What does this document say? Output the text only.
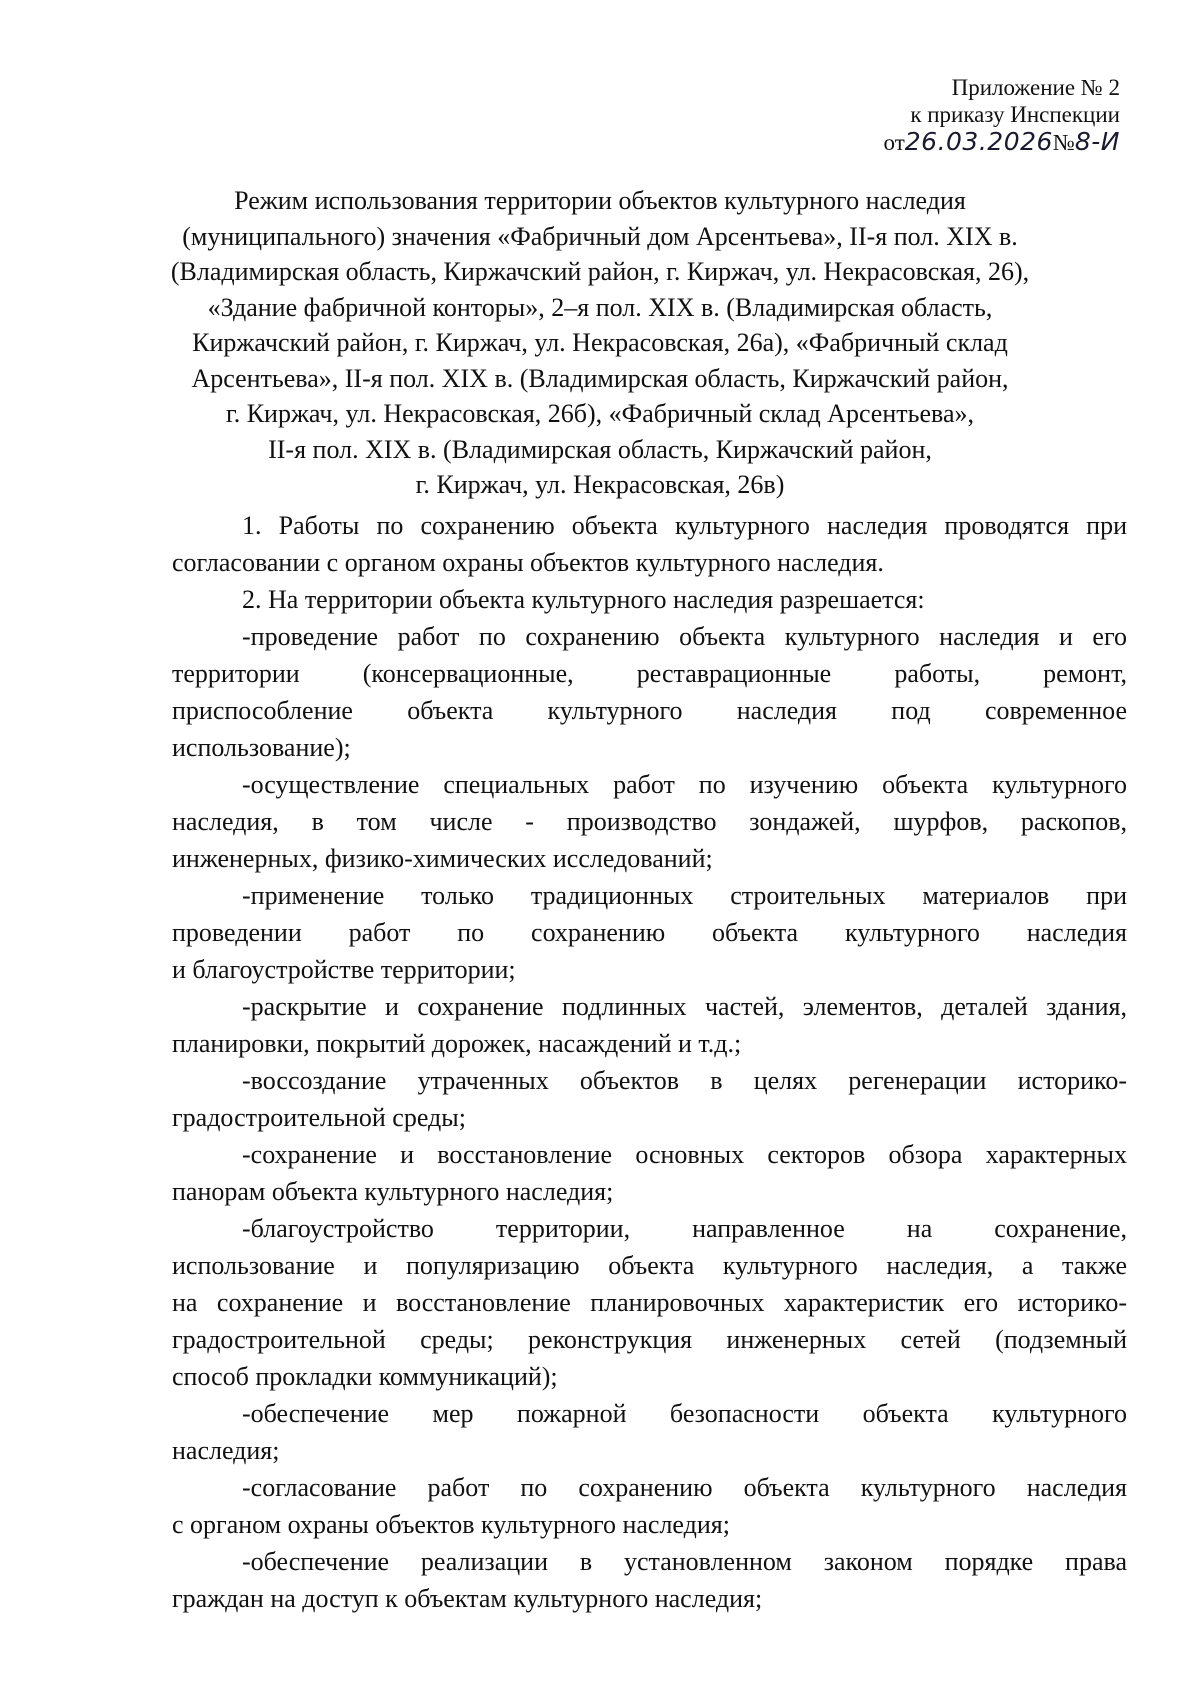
Приложение № 2
к приказу Инспекции
от26.03.2026№8-И
Режим использования территории объектов культурного наследия
(муниципального) значения «Фабричный дом Арсентьева», II-я пол. XIX в.
(Владимирская область, Киржачский район, г. Киржач, ул. Некрасовская, 26),
«Здание фабричной конторы», 2–я пол. XIX в. (Владимирская область,
Киржачский район, г. Киржач, ул. Некрасовская, 26а), «Фабричный склад
Арсентьева», II-я пол. XIX в. (Владимирская область, Киржачский район,
г. Киржач, ул. Некрасовская, 26б), «Фабричный склад Арсентьева»,
II-я пол. XIX в. (Владимирская область, Киржачский район,
г. Киржач, ул. Некрасовская, 26в)
1. Работы по сохранению объекта культурного наследия проводятся при
согласовании с органом охраны объектов культурного наследия.
2. На территории объекта культурного наследия разрешается:
-проведение работ по сохранению объекта культурного наследия и его
территории (консервационные, реставрационные работы, ремонт,
приспособление объекта культурного наследия под современное
использование);
-осуществление специальных работ по изучению объекта культурного
наследия, в том числе - производство зондажей, шурфов, раскопов,
инженерных, физико-химических исследований;
-применение только традиционных строительных материалов при
проведении работ по сохранению объекта культурного наследия
и благоустройстве территории;
-раскрытие и сохранение подлинных частей, элементов, деталей здания,
планировки, покрытий дорожек, насаждений и т.д.;
-воссоздание утраченных объектов в целях регенерации историко-
градостроительной среды;
-сохранение и восстановление основных секторов обзора характерных
панорам объекта культурного наследия;
-благоустройство территории, направленное на сохранение,
использование и популяризацию объекта культурного наследия, а также
на сохранение и восстановление планировочных характеристик его историко-
градостроительной среды; реконструкция инженерных сетей (подземный
способ прокладки коммуникаций);
-обеспечение мер пожарной безопасности объекта культурного
наследия;
-согласование работ по сохранению объекта культурного наследия
с органом охраны объектов культурного наследия;
-обеспечение реализации в установленном законом порядке права
граждан на доступ к объектам культурного наследия;
